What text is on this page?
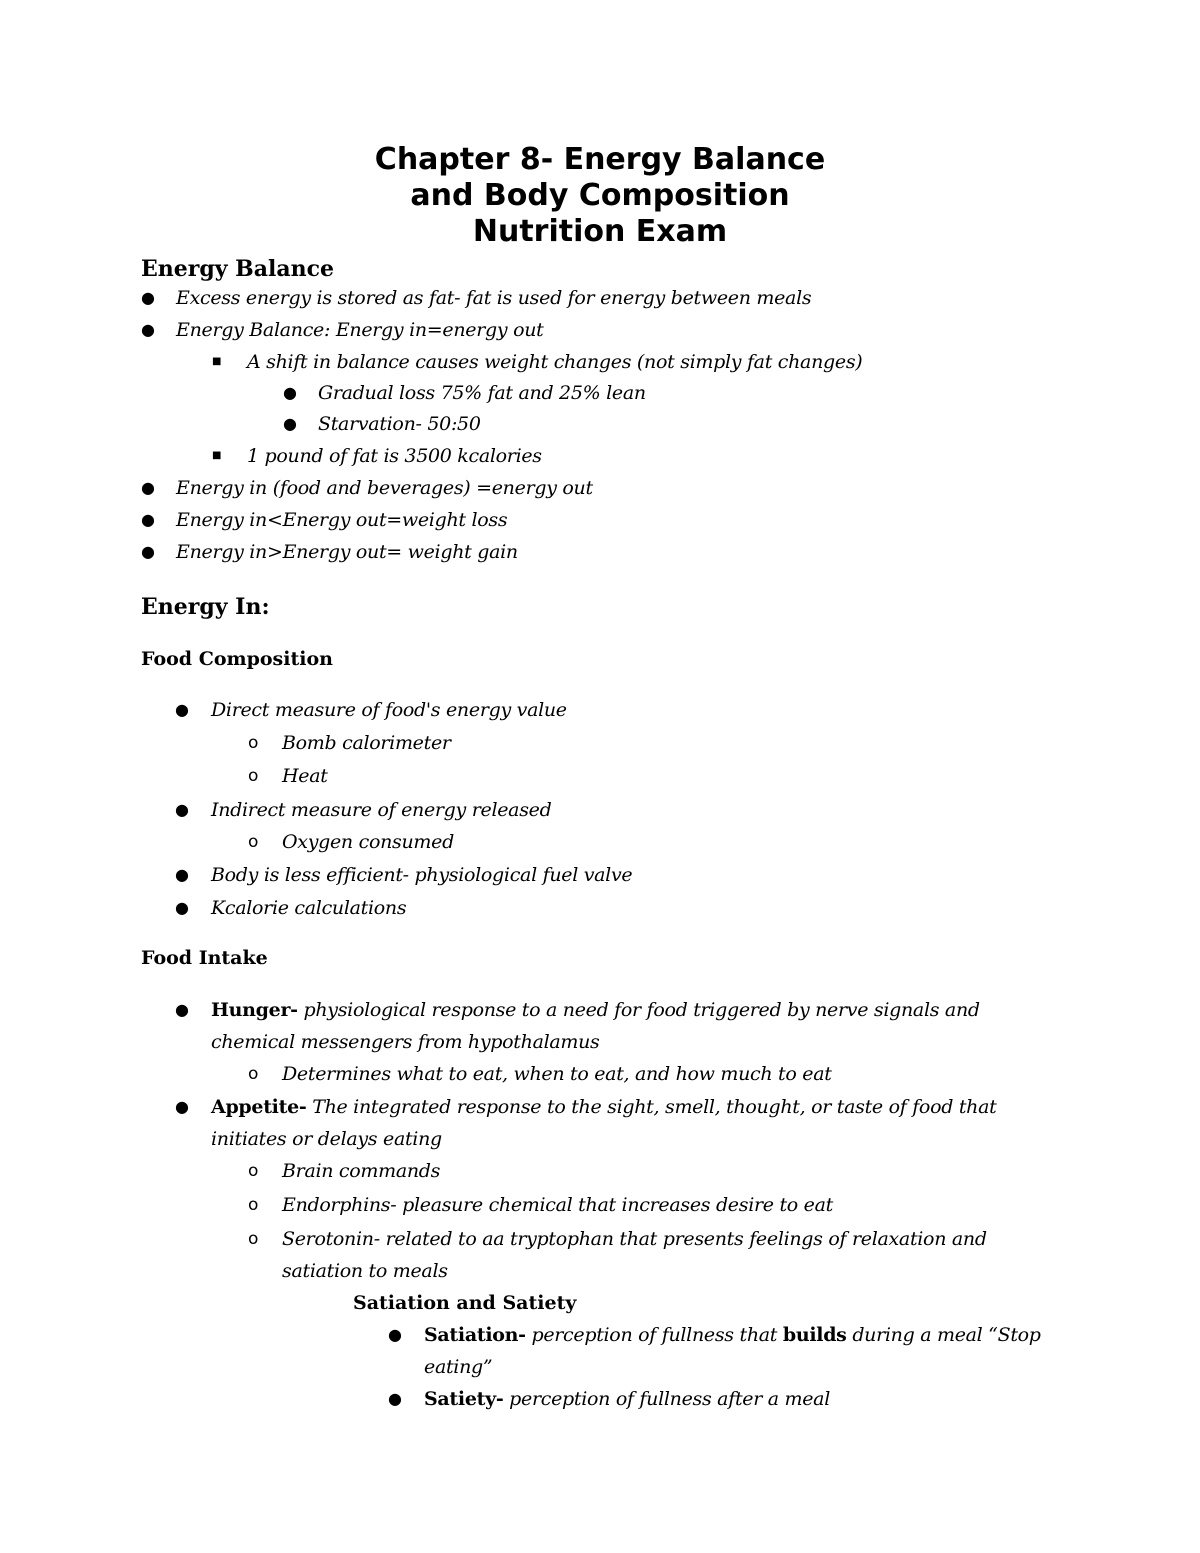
Chapter 8- Energy Balance
and Body Composition
Nutrition Exam
Energy Balance
● Excess energy is stored as fat- fat is used for energy between meals
● Energy Balance: Energy in=energy out
■ A shift in balance causes weight changes (not simply fat changes)
● Gradual loss 75% fat and 25% lean
● Starvation- 50:50
■ 1 pound of fat is 3500 kcalories
● Energy in (food and beverages) =energy out
● Energy in<Energy out=weight loss
● Energy in>Energy out= weight gain
Energy In:
Food Composition
● Direct measure of food's energy value
o Bomb calorimeter
o Heat
● Indirect measure of energy released
o Oxygen consumed
● Body is less efficient- physiological fuel valve
● Kcalorie calculations
Food Intake
● Hunger- physiological response to a need for food triggered by nerve signals and
chemical messengers from hypothalamus
o Determines what to eat, when to eat, and how much to eat
● Appetite- The integrated response to the sight, smell, thought, or taste of food that
initiates or delays eating
o Brain commands
o Endorphins- pleasure chemical that increases desire to eat
o Serotonin- related to aa tryptophan that presents feelings of relaxation and
satiation to meals
Satiation and Satiety
● Satiation- perception of fullness that builds during a meal “Stop
eating”
● Satiety- perception of fullness after a meal
